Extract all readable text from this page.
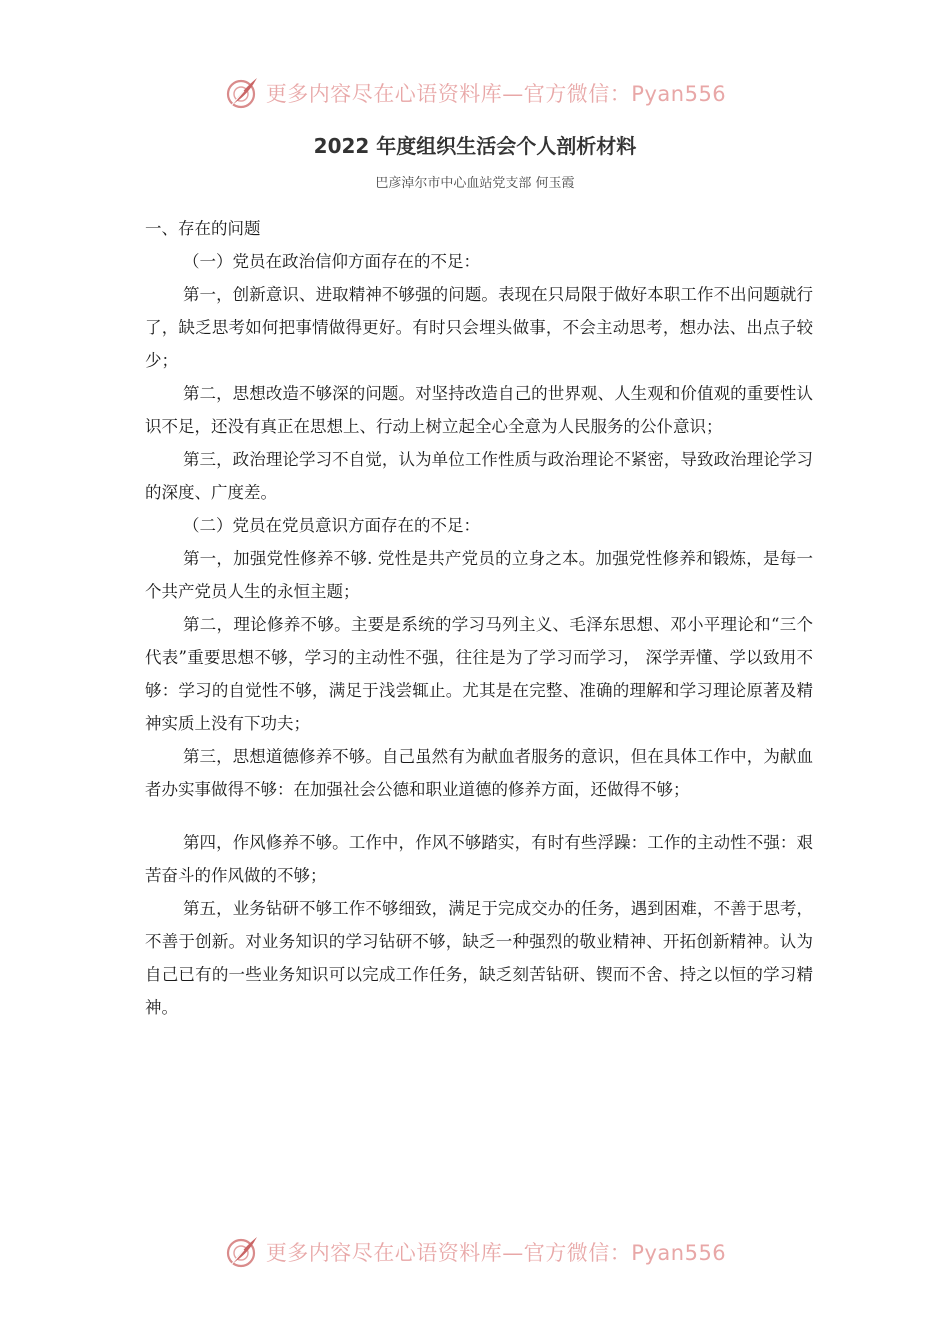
更多内容尽在心语资料库—官方微信：Pyan556
2022 年度组织生活会个人剖析材料
巴彦淖尔市中心血站党支部 何玉霞

一、存在的问题

（一）党员在政治信仰方面存在的不足：

第一，创新意识、进取精神不够强的问题。表现在只局限于做好本职工作不出问题就行了，缺乏思考如何把事情做得更好。有时只会埋头做事，不会主动思考，想办法、出点子较少；

第二，思想改造不够深的问题。对坚持改造自己的世界观、人生观和价值观的重要性认识不足，还没有真正在思想上、行动上树立起全心全意为人民服务的公仆意识；

第三，政治理论学习不自觉，认为单位工作性质与政治理论不紧密，导致政治理论学习的深度、广度差。

（二）党员在党员意识方面存在的不足：

第一，加强党性修养不够. 党性是共产党员的立身之本。加强党性修养和锻炼，是每一个共产党员人生的永恒主题；

第二，理论修养不够。主要是系统的学习马列主义、毛泽东思想、邓小平理论和“三个代表”重要思想不够，学习的主动性不强，往往是为了学习而学习， 深学弄懂、学以致用不够：学习的自觉性不够，满足于浅尝辄止。尤其是在完整、准确的理解和学习理论原著及精神实质上没有下功夫；

第三，思想道德修养不够。自己虽然有为献血者服务的意识，但在具体工作中，为献血者办实事做得不够：在加强社会公德和职业道德的修养方面，还做得不够；

第四，作风修养不够。工作中，作风不够踏实，有时有些浮躁：工作的主动性不强：艰苦奋斗的作风做的不够；

第五，业务钻研不够工作不够细致，满足于完成交办的任务，遇到困难，不善于思考，不善于创新。对业务知识的学习钻研不够，缺乏一种强烈的敬业精神、开拓创新精神。认为自己已有的一些业务知识可以完成工作任务，缺乏刻苦钻研、锲而不舍、持之以恒的学习精神。

更多内容尽在心语资料库—官方微信：Pyan556
